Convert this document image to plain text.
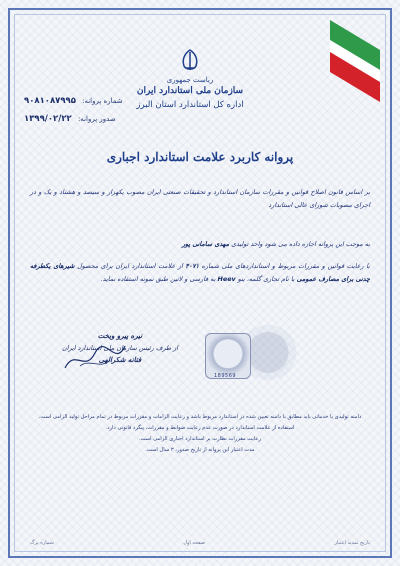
ریاست جمهوری
سازمان ملی استاندارد ایران
اداره کل استاندارد استان البرز
شماره پروانه: ۹۰۸۱۰۸۷۹۹۵
صدور پروانه: ۱۳۹۹/۰۲/۲۲
پروانه کاربرد علامت استاندارد اجباری
بر اساس قانون اصلاح قوانین و مقررات سازمان استاندارد و تحقیقات صنعتی ایران مصوب یکهزار و سیصد و هشتاد و یک و در اجرای مصوبات شورای عالی استاندارد
به موجب این پروانه اجازه داده می شود واحد تولیدی مهدی سامانی پور
با رعایت قوانین و مقررات مربوط و استانداردهای ملی شماره ۴۰۷۱ از علامت استاندارد ایران برای محصول شیرهای یکطرفه چدنی برای مصارف عمومی با نام تجاری گلمه، بنو Heev به فارسی و لاتین طبق نمونه استفاده نماید.
189569
نیره پیرو ویخت
از طرف رئیس سازمان ملی استاندارد ایران
فتانه شکرالهی
دامنه تولیدی یا خدماتی باید مطابق با دامنه تعیین شده در استاندارد مربوط باشد و رعایت الزامات و مقررات مربوط در تمام مراحل تولید الزامی است.
استفاده از علامت استاندارد در صورت عدم رعایت ضوابط و مقررات، پیگرد قانونی دارد.
رعایت مقررات نظارت بر استاندارد اجباری الزامی است.
مدت اعتبار این پروانه از تاریخ صدور، ۳ سال است.
تاریخ تمدید اعتبار
صفحه اول
شماره برگ
